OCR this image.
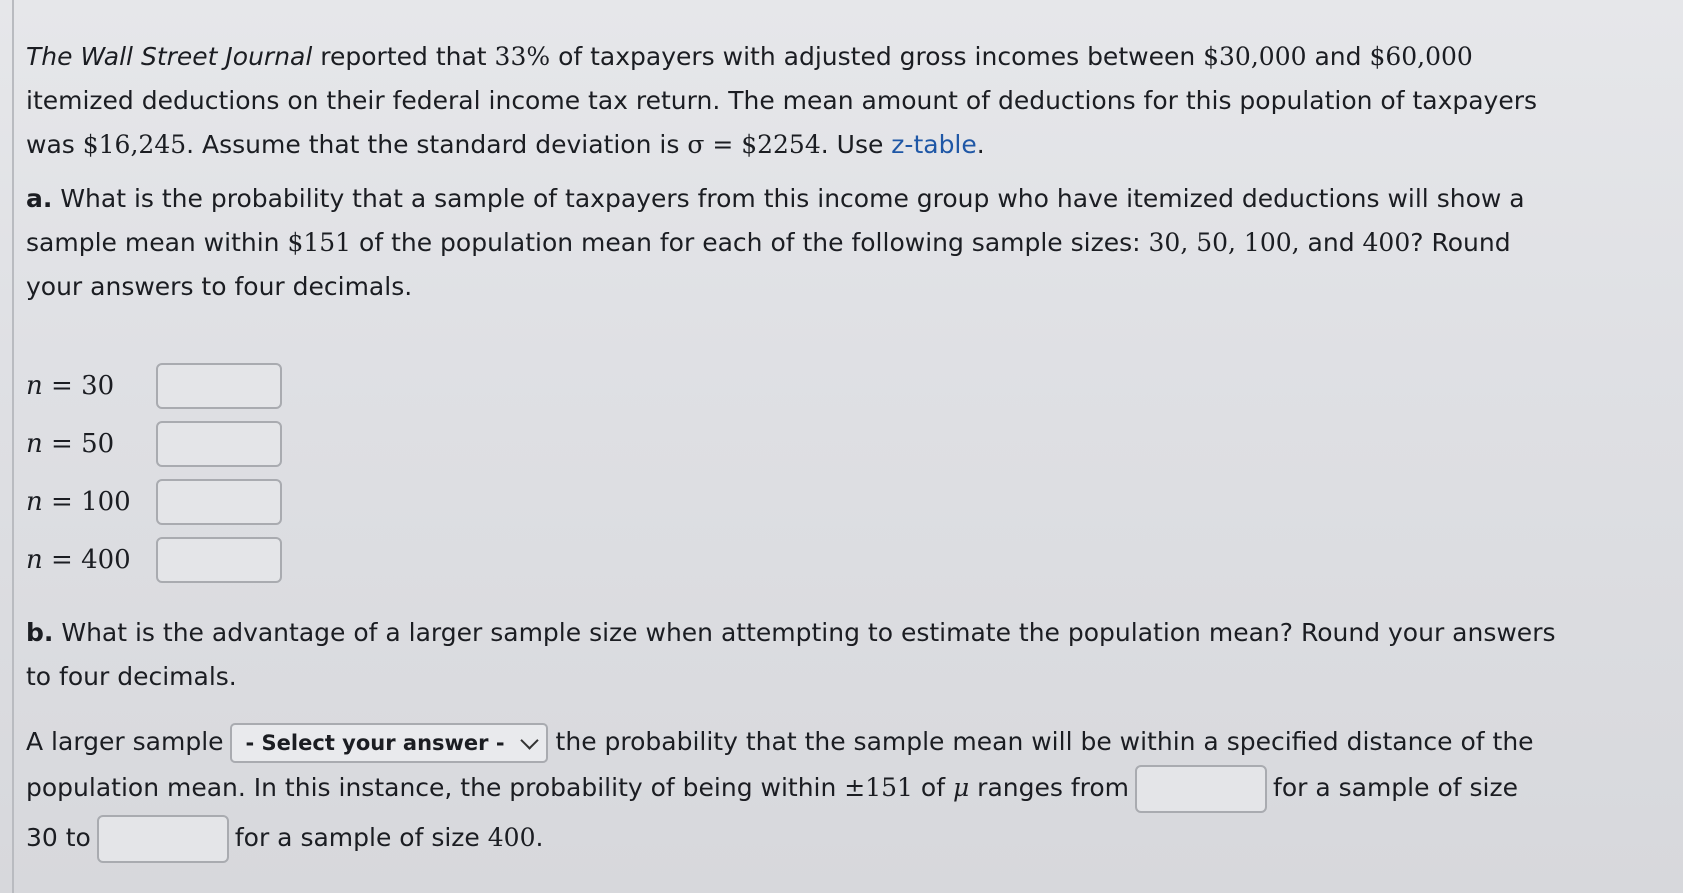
The Wall Street Journal reported that 33% of taxpayers with adjusted gross incomes between $30,000 and $60,000
itemized deductions on their federal income tax return. The mean amount of deductions for this population of taxpayers
was $16,245. Assume that the standard deviation is σ = $2254. Use z-table.
a. What is the probability that a sample of taxpayers from this income group who have itemized deductions will show a
sample mean within $151 of the population mean for each of the following sample sizes: 30, 50, 100, and 400? Round
your answers to four decimals.
n = 30
n = 50
n = 100
n = 400
b. What is the advantage of a larger sample size when attempting to estimate the population mean? Round your answers
to four decimals.
A larger sample - Select your answer - the probability that the sample mean will be within a specified distance of the
population mean. In this instance, the probability of being within ±151 of μ ranges from	for a sample of size
30 to	for a sample of size 400.
